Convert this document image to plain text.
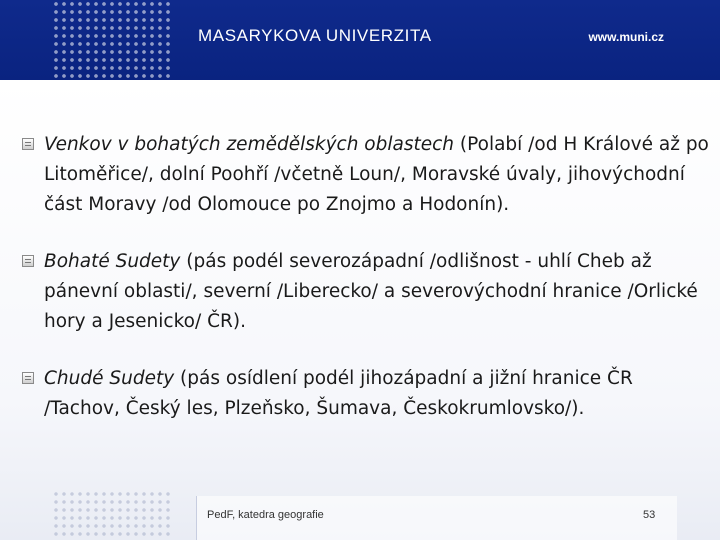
MASARYKOVA UNIVERZITA	www.muni.cz
Venkov v bohatých zemědělských oblastech (Polabí /od H Králové až po Litoměřice/, dolní Poohří /včetně Loun/, Moravské úvaly, jihovýchodní část Moravy /od Olomouce po Znojmo a Hodonín).
Bohaté Sudety (pás podél severozápadní /odlišnost - uhlí Cheb až pánevní oblasti/, severní /Liberecko/ a severovýchodní hranice /Orlické hory a Jesenicko/ ČR).
Chudé Sudety (pás osídlení podél jihozápadní a jižní hranice ČR /Tachov, Český les, Plzeňsko, Šumava, Českokrumlovsko/).
PedF, katedra geografie	53
